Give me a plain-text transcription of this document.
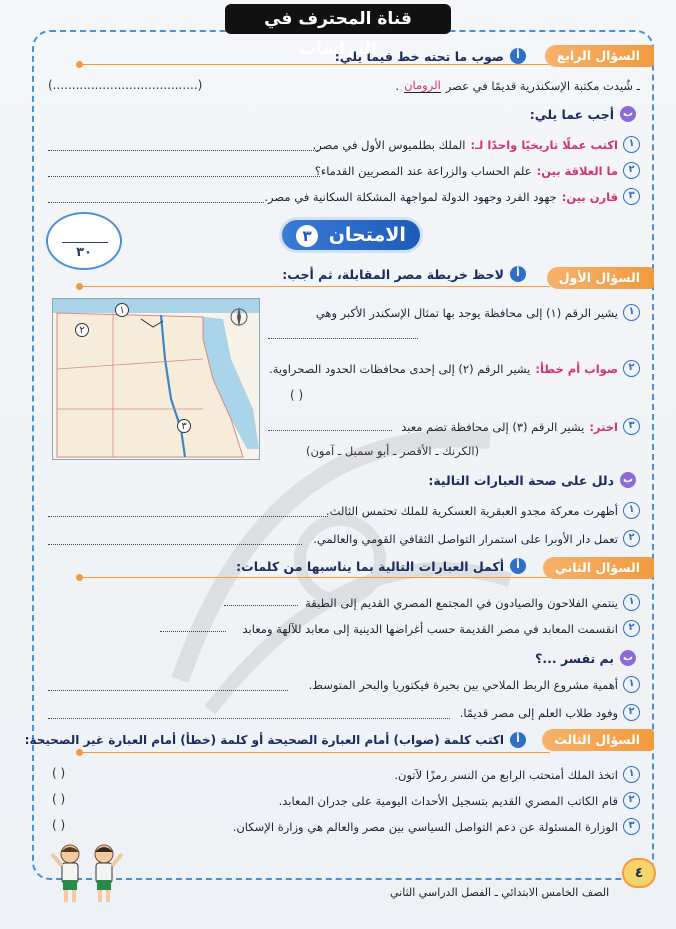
قناة المحترف في الدراسات	السؤال الرابع
أ
صوب ما تحته خط فيما يلي:
ـ شُيدت مكتبة الإسكندرية قديمًا في عصر
الرومان
.
(......................................)
ب
أجب عما يلي:
١
اكتب عملًا تاريخيًا واحدًا لـ:
الملك بطلميوس الأول في مصر.
٢
ما العلاقة بين:
علم الحساب والزراعة عند المصريين القدماء؟
٣
قارن بين:
جهود الفرد وجهود الدولة لمواجهة المشكلة السكانية في مصر.
الامتحان ٣
٣٠
السؤال الأول
أ
لاحظ خريطة مصر المقابلة، ثم أجب:
١
٢
٣
١
يشير الرقم (١) إلى محافظة يوجد بها تمثال الإسكندر الأكبر وهي
٢
صواب أم خطأ:
يشير الرقم (٢) إلى إحدى محافظات الحدود الصحراوية.
( )
٣
اختر:
يشير الرقم (٣) إلى محافظة تضم معبد
(الكرنك ـ الأقصر ـ أبو سمبل ـ آمون)
ب
دلل على صحة العبارات التالية:
١
أظهرت معركة مجدو العبقرية العسكرية للملك تحتمس الثالث.
٢
تعمل دار الأوبرا على استمرار التواصل الثقافي القومي والعالمي.
السؤال الثاني
أ
أكمل العبارات التالية بما يناسبها من كلمات:
١
ينتمي الفلاحون والصيادون في المجتمع المصري القديم إلى الطبقة
٢
انقسمت المعابد في مصر القديمة حسب أغراضها الدينية إلى معابد للآلهة ومعابد
ب
بم تفسر ...؟
١
أهمية مشروع الربط الملاحي بين بحيرة فيكتوريا والبحر المتوسط.
٢
وفود طلاب العلم إلى مصر قديمًا.
السؤال الثالث
أ
اكتب كلمة (صواب) أمام العبارة الصحيحة أو كلمة (خطأ) أمام العبارة غير الصحيحة:
١
اتخذ الملك أمنحتب الرابع من النسر رمزًا لآتون.
( )
٢
قام الكاتب المصري القديم بتسجيل الأحداث اليومية على جدران المعابد.
( )
٣
الوزارة المسئولة عن دعم التواصل السياسي بين مصر والعالم هي وزارة الإسكان.
( )
٤
الصف الخامس الابتدائي ـ الفصل الدراسي الثاني
